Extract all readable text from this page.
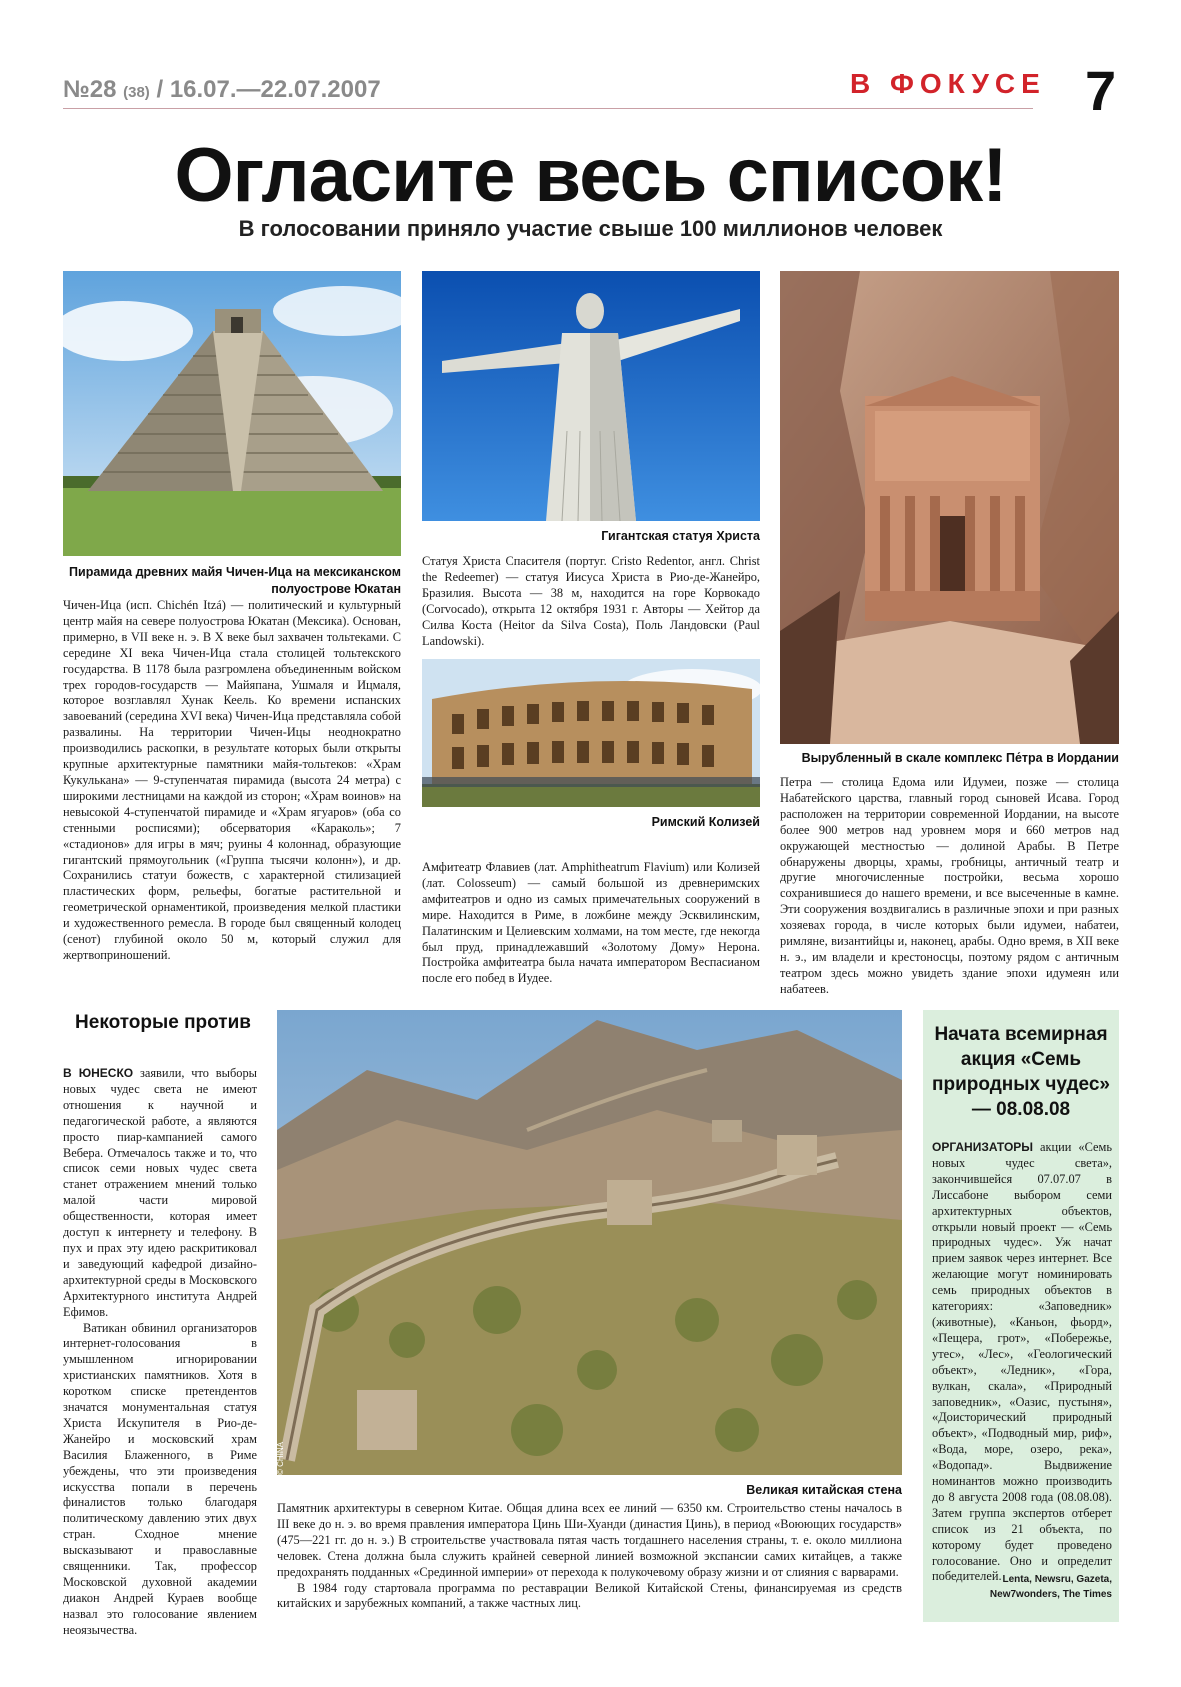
№28 (38) / 16.07.—22.07.2007	В ФОКУСЕ 7
Огласите весь список!
В голосовании приняло участие свыше 100 миллионов человек
© KYLE SIMOURD
Пирамида древних майя Чичен-Ица на мексиканском полуострове Юкатан
Чичен-Ица (исп. Chichén Itzá) — политический и культурный центр майя на севере полуострова Юкатан (Мексика). Основан, примерно, в VII веке н. э. В X веке был захвачен тольтеками. С середине XI века Чичен-Ица стала столицей тольтекского государства. В 1178 была разгромлена объединенным войском трех городов-государств — Майяпана, Ушмаля и Ицмаля, которое возглавлял Хунак Кеель. Ко времени испанских завоеваний (середина XVI века) Чичен-Ица представляла собой развалины. На территории Чичен-Ицы неоднократно производились раскопки, в результате которых были открыты крупные архитектурные памятники майя-тольтеков: «Храм Кукулькана» — 9-ступенчатая пирамида (высота 24 метра) с широкими лестницами на каждой из сторон; «Храм воинов» на невысокой 4-ступенчатой пирамиде и «Храм ягуаров» (оба со стенными росписями); обсерватория «Караколь»; 7 «стадионов» для игры в мяч; руины 4 колоннад, образующие гигантский прямоугольник («Группа тысячи колонн»), и др. Сохранились статуи божеств, с характерной стилизацией пластических форм, рельефы, богатые растительной и геометрической орнаментикой, произведения мелкой пластики и художественного ремесла. В городе был священный колодец (сенот) глубиной около 50 м, который служил для жертвоприношений.
© GSEANB
Гигантская статуя Христа
Статуя Христа Спасителя (португ. Cristo Redentor, англ. Christ the Redeemer) — статуя Иисуса Христа в Рио-де-Жанейро, Бразилия. Высота — 38 м, находится на горе Корвокадо (Corvocado), открыта 12 октября 1931 г. Авторы — Хейтор да Силва Коста (Heitor da Silva Costa), Поль Ландовски (Paul Landowski).
© EQUILIBRIUM
Римский Колизей
Амфитеатр Флавиев (лат. Amphitheatrum Flavium) или Колизей (лат. Colosseum) — самый большой из древнеримских амфитеатров и одно из самых примечательных сооружений в мире. Находится в Риме, в ложбине между Эсквилинским, Палатинским и Целиевским холмами, на том месте, где некогда был пруд, принадлежавший «Золотому Дому» Нерона. Постройка амфитеатра была начата императором Веспасианом после его побед в Иудее.
© SMART VIRAL
Вырубленный в скале комплекс Пе́тра в Иордании
Петра — столица Едома или Идумеи, позже — столица Набатейского царства, главный город сыновей Исава. Город расположен на территории современной Иордании, на высоте более 900 метров над уровнем моря и 660 метров над окружающей местностью — долиной Арабы. В Петре обнаружены дворцы, храмы, гробницы, античный театр и другие многочисленные постройки, весьма хорошо сохранившиеся до нашего времени, и все высеченные в камне. Эти сооружения воздвигались в различные эпохи и при разных хозяевах города, в числе которых были идумеи, набатеи, римляне, византийцы и, наконец, арабы. Одно время, в XII веке н. э., им владели и крестоносцы, поэтому рядом с античным театром здесь можно увидеть здание эпохи идумеян или набатеев.
Некоторые против
В ЮНЕСКО заявили, что выборы новых чудес света не имеют отношения к научной и педагогической работе, а являются просто пиар-кампанией самого Вебера. Отмечалось также и то, что список семи новых чудес света станет отражением мнений только малой части мировой общественности, которая имеет доступ к интернету и телефону. В пух и прах эту идею раскритиковал и заведующий кафедрой дизайно-архитектурной среды в Московского Архитектурного института Андрей Ефимов.
Ватикан обвинил организаторов интернет-голосования в умышленном игнорировании христианских памятников. Хотя в коротком списке претендентов значатся монументальная статуя Христа Искупителя в Рио-де-Жанейро и московский храм Василия Блаженного, в Риме убеждены, что эти произведения искусства попали в перечень финалистов только благодаря политическому давлению этих двух стран. Сходное мнение высказывают и православные священники. Так, профессор Московской духовной академии диакон Андрей Кураев вообще назвал это голосование явлением неоязычества.
© CHINA
Великая китайская стена
Памятник архитектуры в северном Китае. Общая длина всех ее линий — 6350 км. Строительство стены началось в III веке до н. э. во время правления императора Цинь Ши-Хуанди (династия Цинь), в период «Воюющих государств» (475—221 гг. до н. э.) В строительстве участвовала пятая часть тогдашнего населения страны, т. е. около миллиона человек. Стена должна была служить крайней северной линией возможной экспансии самих китайцев, а также предохранять подданных «Срединной империи» от перехода к полукочевому образу жизни и от слияния с варварами.
В 1984 году стартовала программа по реставрации Великой Китайской Стены, финансируемая из средств китайских и зарубежных компаний, а также частных лиц.
Начата всемирная акция «Семь природных чудес» — 08.08.08
ОРГАНИЗАТОРЫ акции «Семь новых чудес света», закончившейся 07.07.07 в Лиссабоне выбором семи архитектурных объектов, открыли новый проект — «Семь природных чудес». Уж начат прием заявок через интернет. Все желающие могут номинировать семь природных объектов в категориях: «Заповедник» (животные), «Каньон, фьорд», «Пещера, грот», «Побережье, утес», «Лес», «Геологический объект», «Ледник», «Гора, вулкан, скала», «Природный заповедник», «Оазис, пустыня», «Доисторический природный объект», «Подводный мир, риф», «Вода, море, озеро, река», «Водопад». Выдвижение номинантов можно производить до 8 августа 2008 года (08.08.08). Затем группа экспертов отберет список из 21 объекта, по которому будет проведено голосование. Оно и определит победителей. Lenta, Newsru, Gazeta, New7wonders, The Times
